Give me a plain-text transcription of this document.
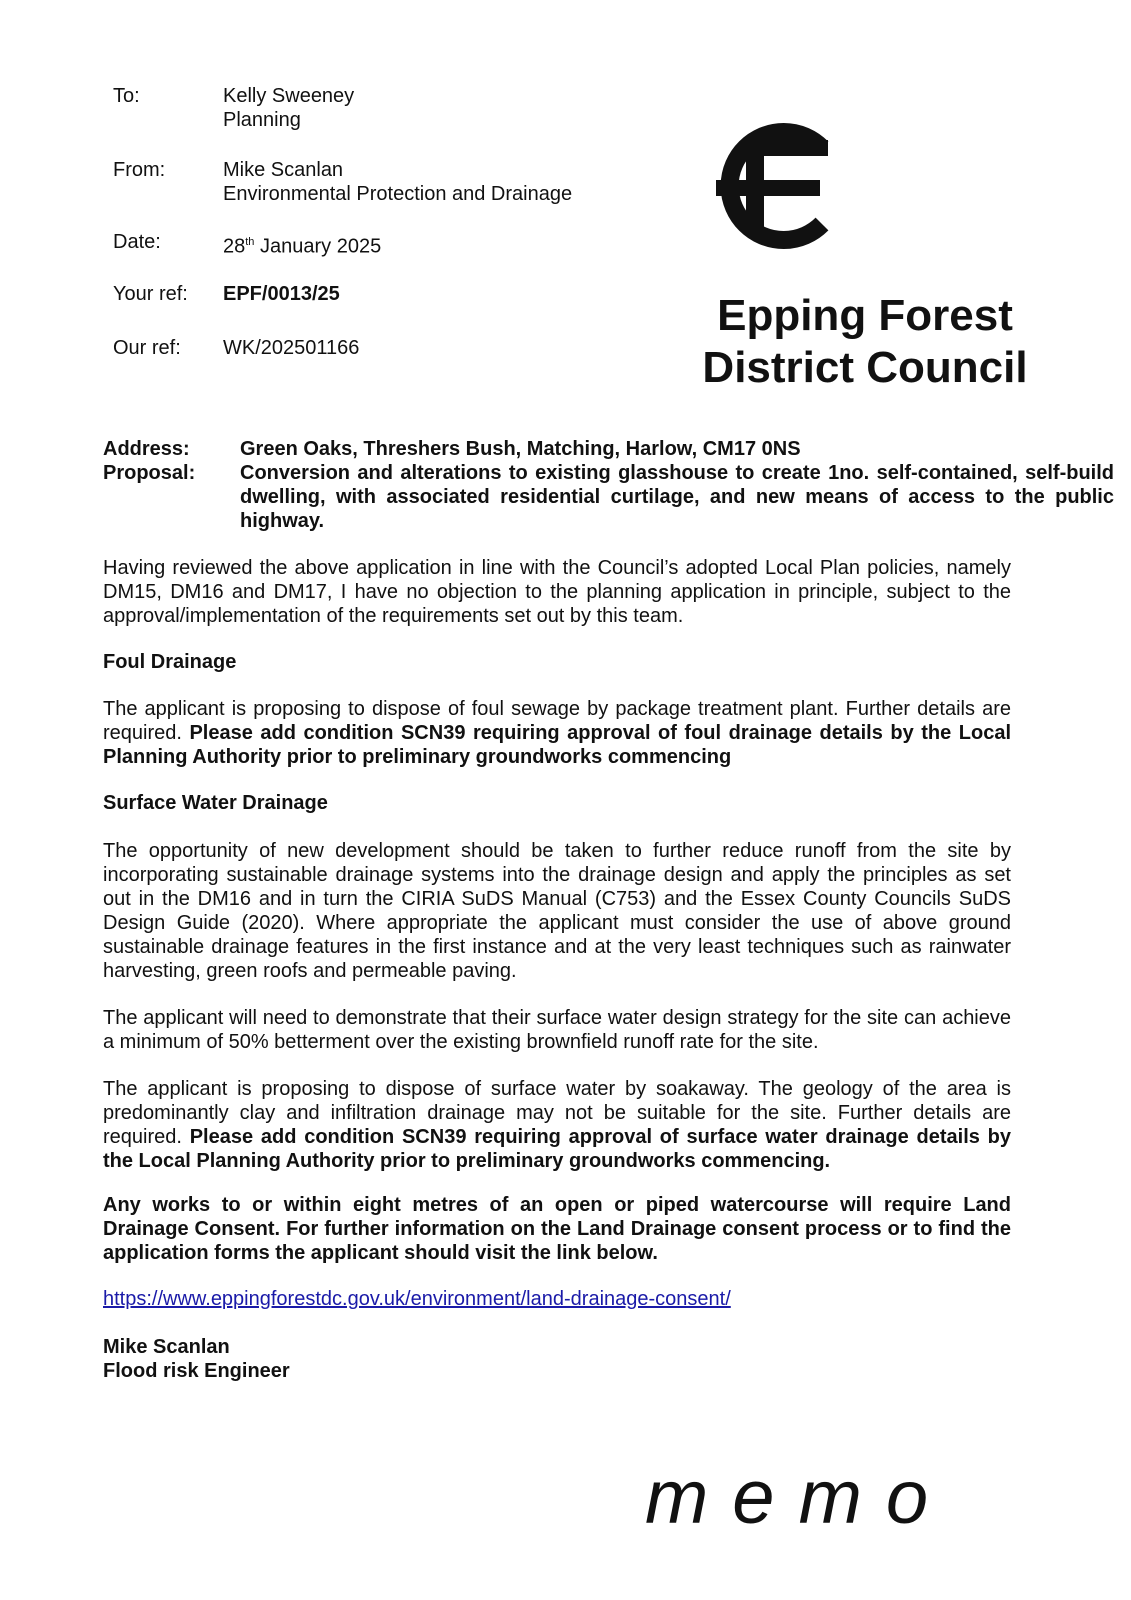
To:	Kelly Sweeney
Planning
From:	Mike Scanlan
Environmental Protection and Drainage
Date:	28th January 2025
Your ref:	EPF/0013/25
Our ref:	WK/202501166
Epping Forest
District Council
Address:	Green Oaks, Threshers Bush, Matching, Harlow, CM17 0NS
Proposal:	Conversion and alterations to existing glasshouse to create 1no. self-contained, self-build dwelling, with associated residential curtilage, and new means of access to the public highway.
Having reviewed the above application in line with the Council’s adopted Local Plan policies, namely DM15, DM16 and DM17, I have no objection to the planning application in principle, subject to the approval/implementation of the requirements set out by this team.
Foul Drainage
The applicant is proposing to dispose of foul sewage by package treatment plant. Further details are required. Please add condition SCN39 requiring approval of foul drainage details by the Local Planning Authority prior to preliminary groundworks commencing
Surface Water Drainage
The opportunity of new development should be taken to further reduce runoff from the site by incorporating sustainable drainage systems into the drainage design and apply the principles as set out in the DM16 and in turn the CIRIA SuDS Manual (C753) and the Essex County Councils SuDS Design Guide (2020). Where appropriate the applicant must consider the use of above ground sustainable drainage features in the first instance and at the very least techniques such as rainwater harvesting, green roofs and permeable paving.
The applicant will need to demonstrate that their surface water design strategy for the site can achieve a minimum of 50% betterment over the existing brownfield runoff rate for the site.
The applicant is proposing to dispose of surface water by soakaway. The geology of the area is predominantly clay and infiltration drainage may not be suitable for the site. Further details are required. Please add condition SCN39 requiring approval of surface water drainage details by the Local Planning Authority prior to preliminary groundworks commencing.
Any works to or within eight metres of an open or piped watercourse will require Land Drainage Consent. For further information on the Land Drainage consent process or to find the application forms the applicant should visit the link below.
https://www.eppingforestdc.gov.uk/environment/land-drainage-consent/
Mike Scanlan
Flood risk Engineer
memo
